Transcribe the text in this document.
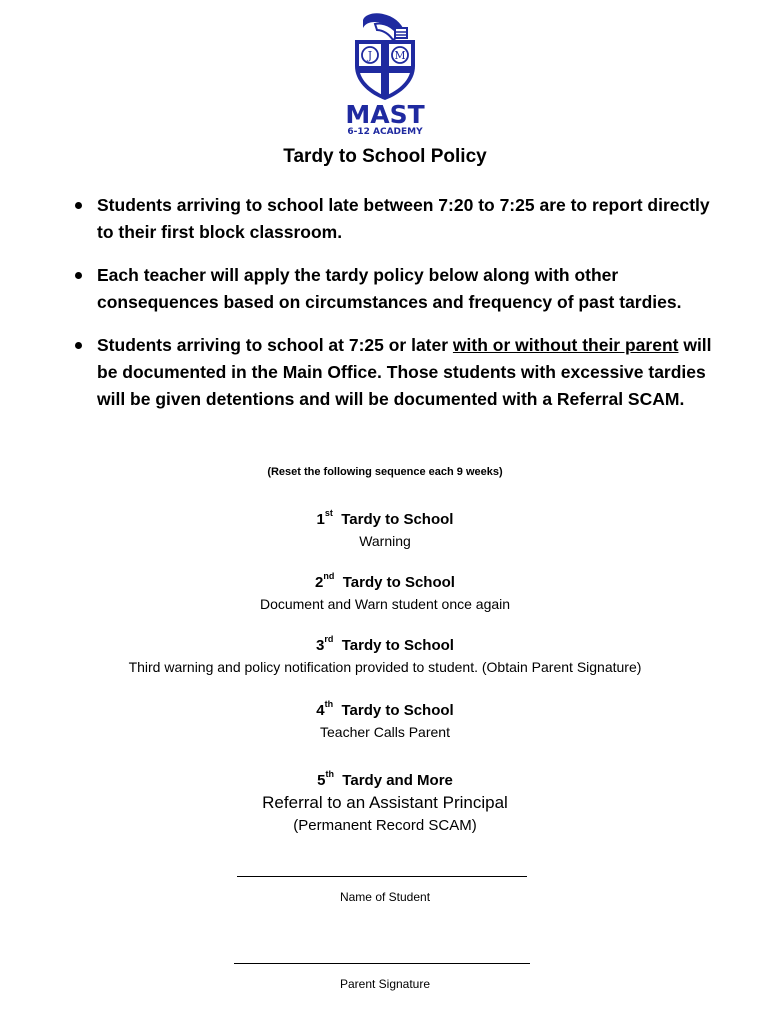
J M
MAST
6-12 ACADEMY
Tardy to School Policy
Students arriving to school late between 7:20 to 7:25 are to report directly to their first block classroom.
Each teacher will apply the tardy policy below along with other consequences based on circumstances and frequency of past tardies.
Students arriving to school at 7:25 or later with or without their parent will be documented in the Main Office. Those students with excessive tardies will be given detentions and will be documented with a Referral SCAM.
(Reset the following sequence each 9 weeks)
1st Tardy to School
Warning
2nd Tardy to School
Document and Warn student once again
3rd Tardy to School
Third warning and policy notification provided to student. (Obtain Parent Signature)
4th Tardy to School
Teacher Calls Parent
5th Tardy and More
Referral to an Assistant Principal
(Permanent Record SCAM)
Name of Student
Parent Signature
